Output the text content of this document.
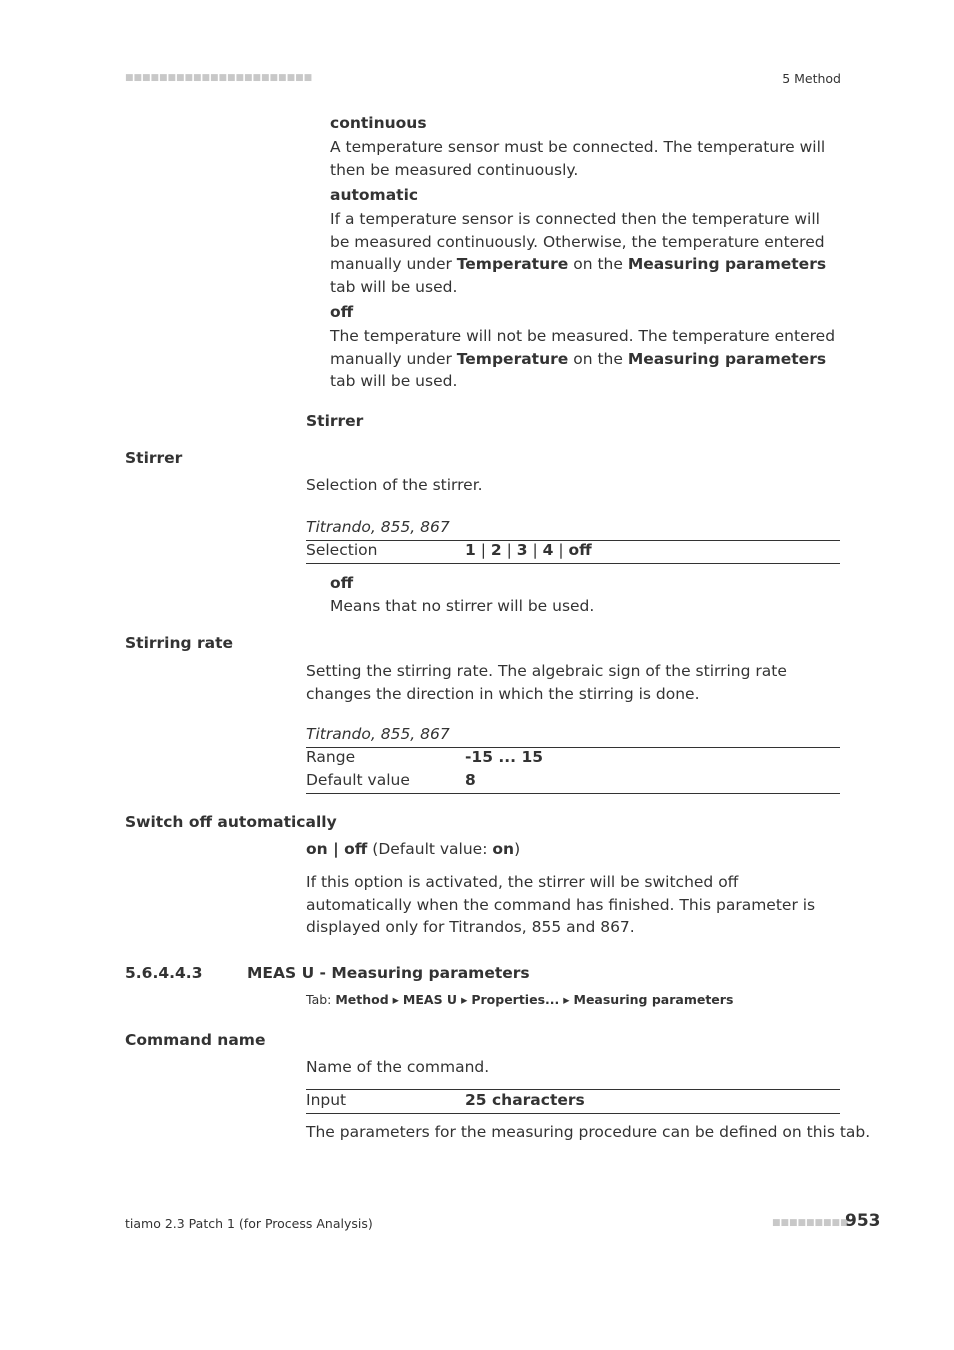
■■■■■■■■■■■■■■■■■■■■■■	5 Method
continuous
A temperature sensor must be connected. The temperature will then be measured continuously.
automatic
If a temperature sensor is connected then the temperature will be measured continuously. Otherwise, the temperature entered manually under Temperature on the Measuring parameters tab will be used.
off
The temperature will not be measured. The temperature entered manually under Temperature on the Measuring parameters tab will be used.
Stirrer
Stirrer
Selection of the stirrer.
Titrando, 855, 867
Selection	1 | 2 | 3 | 4 | off
off
Means that no stirrer will be used.
Stirring rate
Setting the stirring rate. The algebraic sign of the stirring rate changes the direction in which the stirring is done.
Titrando, 855, 867
Range	-15 ... 15
Default value	8
Switch off automatically
on | off (Default value: on)
If this option is activated, the stirrer will be switched off automatically when the command has finished. This parameter is displayed only for Titrandos, 855 and 867.
5.6.4.4.3	MEAS U - Measuring parameters
Tab: Method ▸ MEAS U ▸ Properties... ▸ Measuring parameters
Command name
Name of the command.
Input	25 characters
The parameters for the measuring procedure can be defined on this tab.
tiamo 2.3 Patch 1 (for Process Analysis)	■■■■■■■■■
953
